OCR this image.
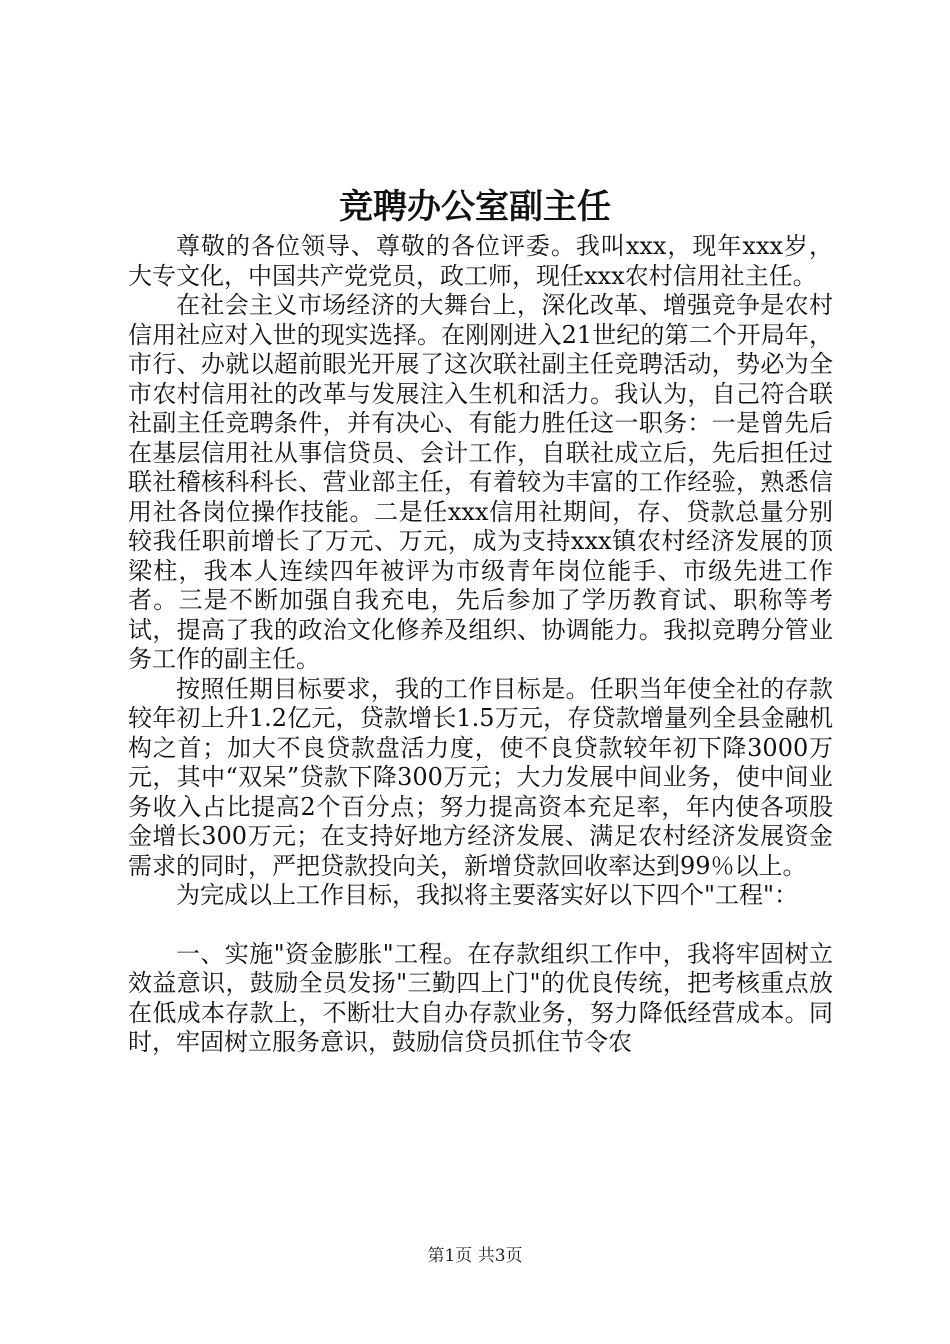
竞聘办公室副主任

尊敬的各位领导、尊敬的各位评委。我叫xxx，现年xxx岁，大专文化，中国共产党党员，政工师，现任xxx农村信用社主任。

在社会主义市场经济的大舞台上，深化改革、增强竞争是农村信用社应对入世的现实选择。在刚刚进入21世纪的第二个开局年，市行、办就以超前眼光开展了这次联社副主任竞聘活动，势必为全市农村信用社的改革与发展注入生机和活力。我认为，自己符合联社副主任竞聘条件，并有决心、有能力胜任这一职务：一是曾先后在基层信用社从事信贷员、会计工作，自联社成立后，先后担任过联社稽核科科长、营业部主任，有着较为丰富的工作经验，熟悉信用社各岗位操作技能。二是任xxx信用社期间，存、贷款总量分别较我任职前增长了万元、万元，成为支持xxx镇农村经济发展的顶梁柱，我本人连续四年被评为市级青年岗位能手、市级先进工作者。三是不断加强自我充电，先后参加了学历教育试、职称等考试，提高了我的政治文化修养及组织、协调能力。我拟竞聘分管业务工作的副主任。

按照任期目标要求，我的工作目标是。任职当年使全社的存款较年初上升1.2亿元，贷款增长1.5万元，存贷款增量列全县金融机构之首；加大不良贷款盘活力度，使不良贷款较年初下降3000万元，其中“双呆”贷款下降300万元；大力发展中间业务，使中间业务收入占比提高2个百分点；努力提高资本充足率，年内使各项股金增长300万元；在支持好地方经济发展、满足农村经济发展资金需求的同时，严把贷款投向关，新增贷款回收率达到99％以上。

为完成以上工作目标，我拟将主要落实好以下四个"工程"：

一、实施"资金膨胀"工程。在存款组织工作中，我将牢固树立效益意识，鼓励全员发扬"三勤四上门"的优良传统，把考核重点放在低成本存款上，不断壮大自办存款业务，努力降低经营成本。同时，牢固树立服务意识，鼓励信贷员抓住节令农

第1页 共3页
